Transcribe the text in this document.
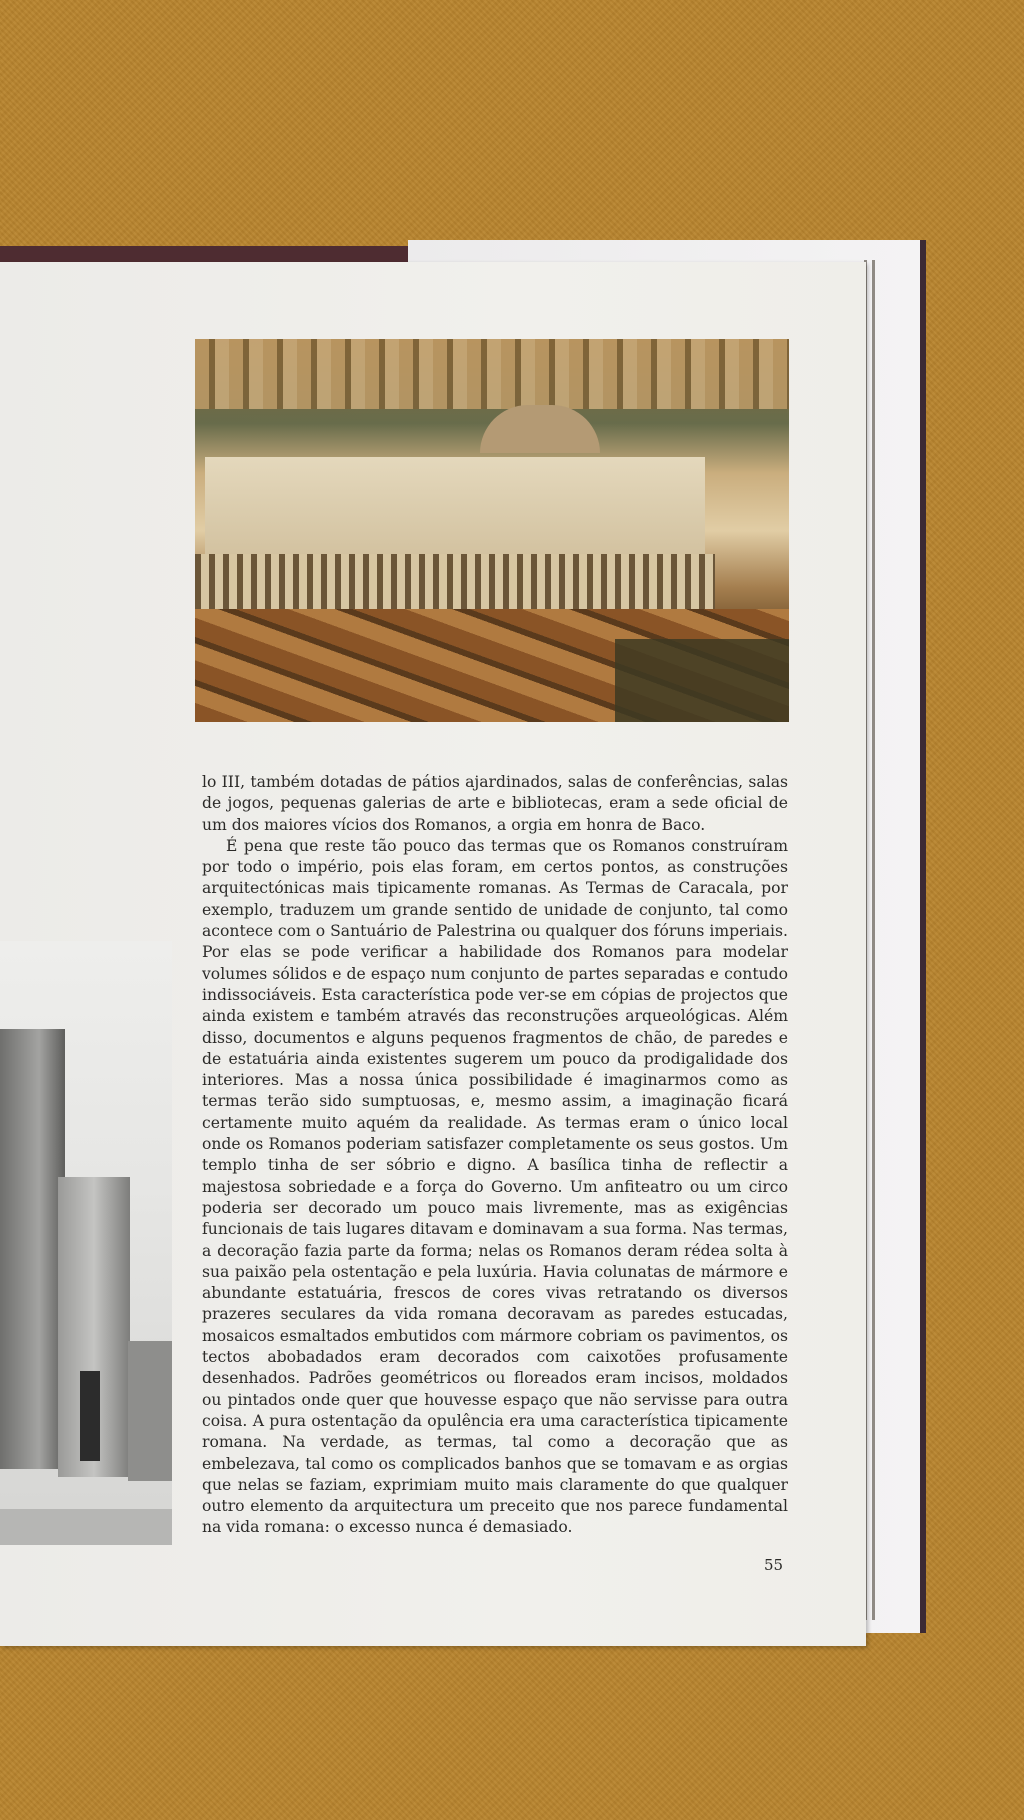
lo III, também dotadas de pátios ajardinados, salas de conferências, salas de jogos, pequenas galerias de arte e bibliotecas, eram a sede oficial de um dos maiores vícios dos Romanos, a orgia em honra de Baco.

É pena que reste tão pouco das termas que os Romanos construíram por todo o império, pois elas foram, em certos pontos, as construções arquitectónicas mais tipicamente romanas. As Termas de Caracala, por exemplo, traduzem um grande sentido de unidade de conjunto, tal como acontece com o Santuário de Palestrina ou qualquer dos fóruns imperiais. Por elas se pode verificar a habilidade dos Romanos para modelar volumes sólidos e de espaço num conjunto de partes separadas e contudo indissociáveis. Esta característica pode ver-se em cópias de projectos que ainda existem e também através das reconstruções arqueológicas. Além disso, documentos e alguns pequenos fragmentos de chão, de paredes e de estatuária ainda existentes sugerem um pouco da prodigalidade dos interiores. Mas a nossa única possibilidade é imaginarmos como as termas terão sido sumptuosas, e, mesmo assim, a imaginação ficará certamente muito aquém da realidade. As termas eram o único local onde os Romanos poderiam satisfazer completamente os seus gostos. Um templo tinha de ser sóbrio e digno. A basílica tinha de reflectir a majestosa sobriedade e a força do Governo. Um anfiteatro ou um circo poderia ser decorado um pouco mais livremente, mas as exigências funcionais de tais lugares ditavam e dominavam a sua forma. Nas termas, a decoração fazia parte da forma; nelas os Romanos deram rédea solta à sua paixão pela ostentação e pela luxúria. Havia colunatas de mármore e abundante estatuária, frescos de cores vivas retratando os diversos prazeres seculares da vida romana decoravam as paredes estucadas, mosaicos esmaltados embutidos com mármore cobriam os pavimentos, os tectos abobadados eram decorados com caixotões profusamente desenhados. Padrões geométricos ou floreados eram incisos, moldados ou pintados onde quer que houvesse espaço que não servisse para outra coisa. A pura ostentação da opulência era uma característica tipicamente romana. Na verdade, as termas, tal como a decoração que as embelezava, tal como os complicados banhos que se tomavam e as orgias que nelas se faziam, exprimiam muito mais claramente do que qualquer outro elemento da arquitectura um preceito que nos parece fundamental na vida romana: o excesso nunca é demasiado.

55
